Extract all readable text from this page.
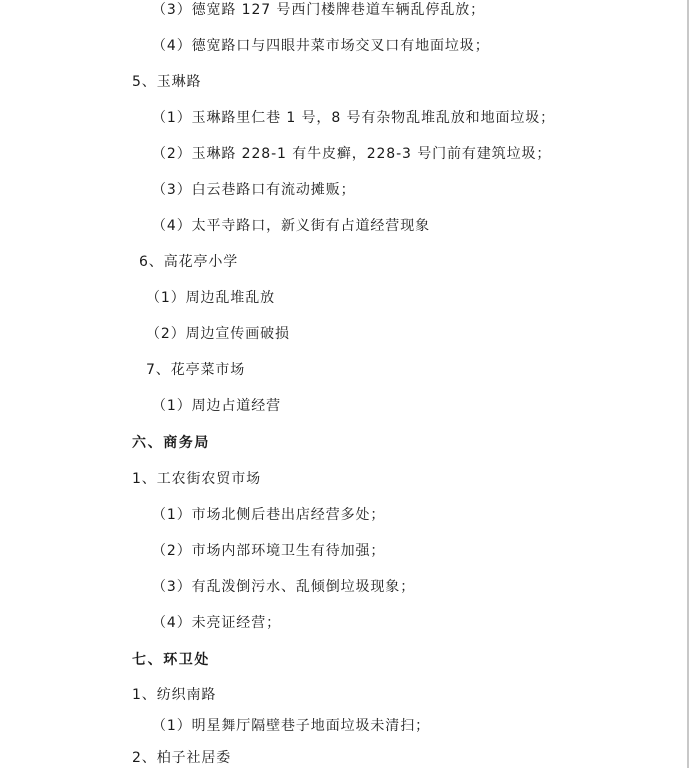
（3）德宽路 127 号西门楼牌巷道车辆乱停乱放；
（4）德宽路口与四眼井菜市场交叉口有地面垃圾；
5、玉琳路
（1）玉琳路里仁巷 1 号，8 号有杂物乱堆乱放和地面垃圾；
（2）玉琳路 228-1 有牛皮癣，228-3 号门前有建筑垃圾；
（3）白云巷路口有流动摊贩；
（4）太平寺路口，新义街有占道经营现象
6、高花亭小学
（1）周边乱堆乱放
（2）周边宣传画破损
7、花亭菜市场
（1）周边占道经营
六、商务局
1、工农街农贸市场
（1）市场北侧后巷出店经营多处；
（2）市场内部环境卫生有待加强；
（3）有乱泼倒污水、乱倾倒垃圾现象；
（4）未亮证经营；
七、环卫处
1、纺织南路
（1）明星舞厅隔壁巷子地面垃圾未清扫；
2、柏子社居委
